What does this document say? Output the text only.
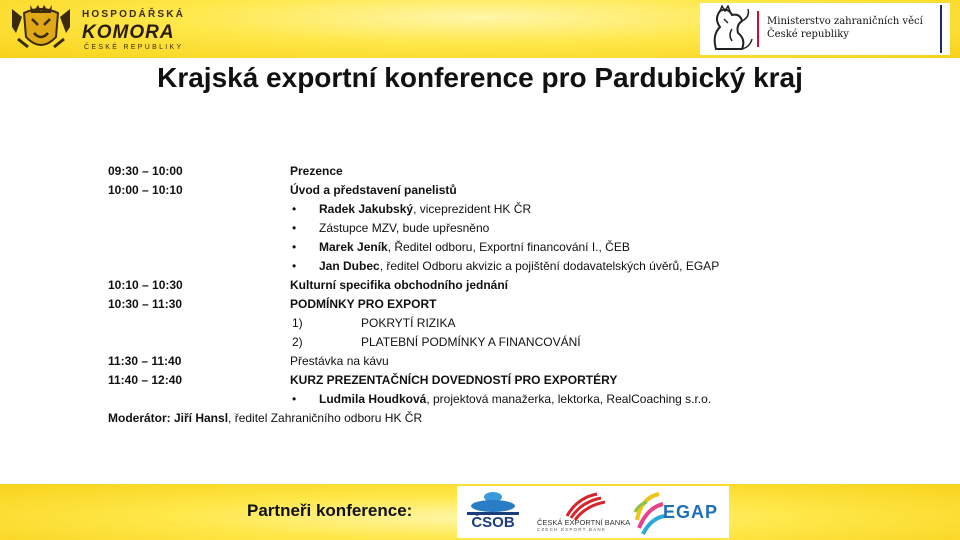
HOSPODÁŘSKÁ
KOMORA
ČESKÉ REPUBLIKY
Ministerstvo zahraničních věcí
České republiky
Krajská exportní konference pro Pardubický kraj
09:30 – 10:00	Prezence
10:00 – 10:10	Úvod a představení panelistů
• Radek Jakubský, viceprezident HK ČR
• Zástupce MZV, bude upřesněno
• Marek Jeník, Ředitel odboru, Exportní financování I., ČEB
• Jan Dubec, ředitel Odboru akvizic a pojištění dodavatelských úvěrů, EGAP
10:10 – 10:30	Kulturní specifika obchodního jednání
10:30 – 11:30	PODMÍNKY PRO EXPORT
1)	POKRYTÍ RIZIKA
2)	PLATEBNÍ PODMÍNKY A FINANCOVÁNÍ
11:30 – 11:40	Přestávka na kávu
11:40 – 12:40	KURZ PREZENTAČNÍCH DOVEDNOSTÍ PRO EXPORTÉRY
• Ludmila Houdková, projektová manažerka, lektorka, RealCoaching s.r.o.
Moderátor: Jiří Hansl, ředitel Zahraničního odboru HK ČR
Partneři konference:
ČSOB	ČESKÁ EXPORTNÍ BANKA
CZECH EXPORT BANK
EGAP
